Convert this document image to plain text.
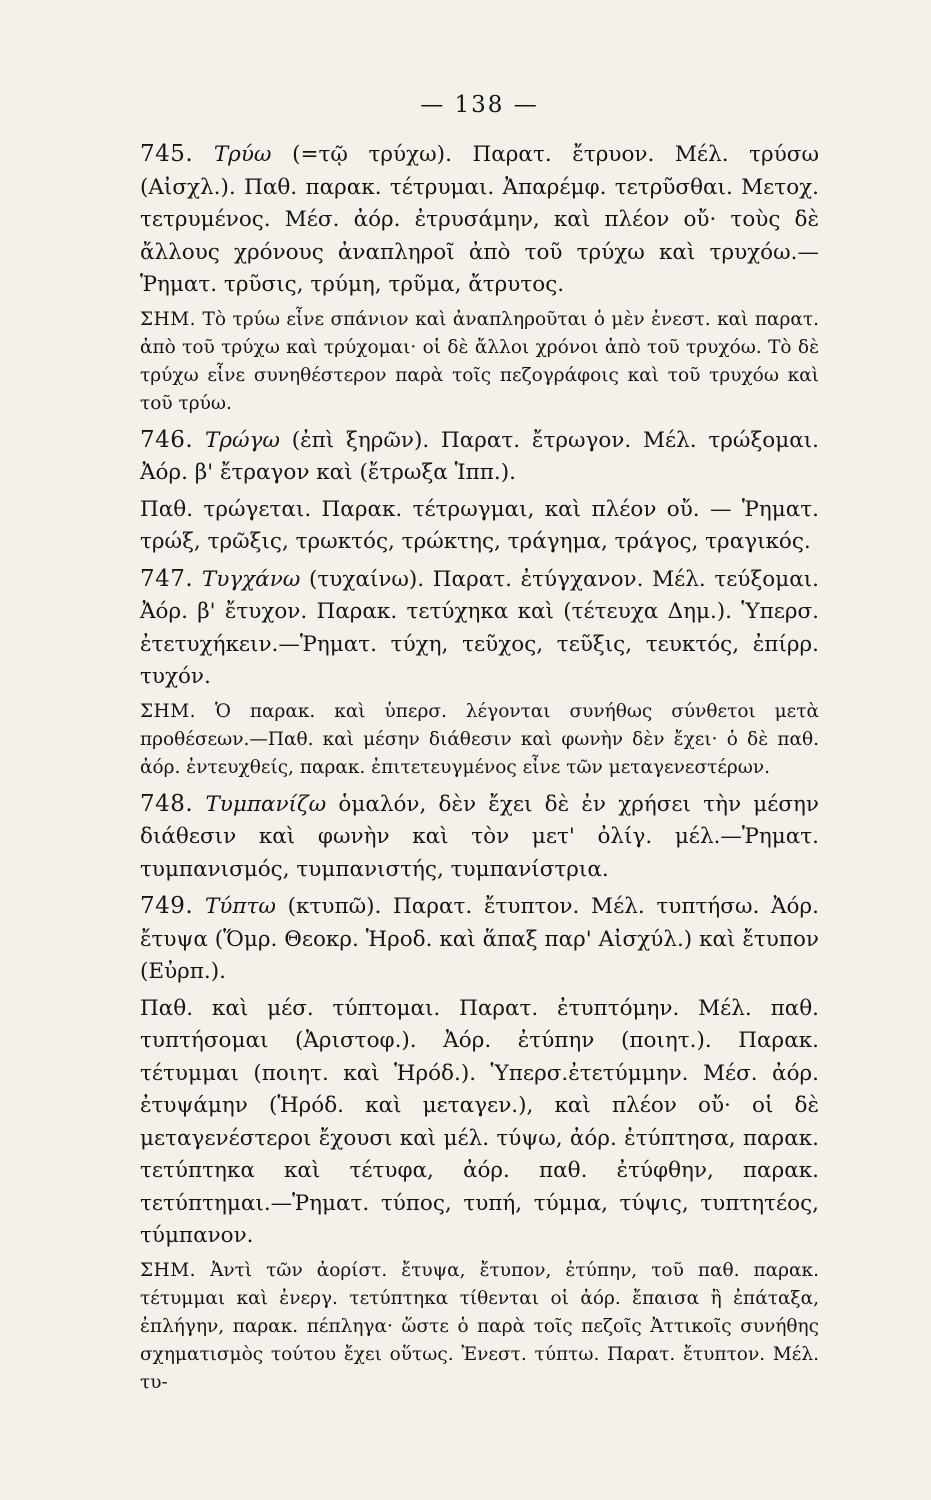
— 138 —

745. Τρύω (=τῷ τρύχω). Παρατ. ἔτρυον. Μέλ. τρύσω (Αἰσχλ.). Παθ. παρακ. τέτρυμαι. Ἀπαρέμφ. τετρῦσθαι. Μετοχ. τετρυμένος. Μέσ. ἀόρ. ἐτρυσάμην, καὶ πλέον οὔ· τοὺς δὲ ἄλλους χρόνους ἀναπληροῖ ἀπὸ τοῦ τρύχω καὶ τρυχόω.—Ῥηματ. τρῦσις, τρύμη, τρῦμα, ἄτρυτος.

ΣΗΜ. Τὸ τρύω εἶνε σπάνιον καὶ ἀναπληροῦται ὁ μὲν ἐνεστ. καὶ παρατ. ἀπὸ τοῦ τρύχω καὶ τρύχομαι· οἱ δὲ ἄλλοι χρόνοι ἀπὸ τοῦ τρυχόω. Τὸ δὲ τρύχω εἶνε συνηθέστερον παρὰ τοῖς πεζογράφοις καὶ τοῦ τρυχόω καὶ τοῦ τρύω.

746. Τρώγω (ἐπὶ ξηρῶν). Παρατ. ἔτρωγον. Μέλ. τρώξομαι. Ἀόρ. β' ἔτραγον καὶ (ἔτρωξα Ἱππ.).

Παθ. τρώγεται. Παρακ. τέτρωγμαι, καὶ πλέον οὔ. — Ῥηματ. τρώξ, τρῶξις, τρωκτός, τρώκτης, τράγημα, τράγος, τραγικός.

747. Τυγχάνω (τυχαίνω). Παρατ. ἐτύγχανον. Μέλ. τεύξομαι. Ἀόρ. β' ἔτυχον. Παρακ. τετύχηκα καὶ (τέτευχα Δημ.). Ὑπερσ. ἐτετυχήκειν.—Ῥηματ. τύχη, τεῦχος, τεῦξις, τευκτός, ἐπίρρ. τυχόν.

ΣΗΜ. Ὁ παρακ. καὶ ὑπερσ. λέγονται συνήθως σύνθετοι μετὰ προθέσεων.—Παθ. καὶ μέσην διάθεσιν καὶ φωνὴν δὲν ἔχει· ὁ δὲ παθ. ἀόρ. ἐντευχθείς, παρακ. ἐπιτετευγμένος εἶνε τῶν μεταγενεστέρων.

748. Τυμπανίζω ὁμαλόν, δὲν ἔχει δὲ ἐν χρήσει τὴν μέσην διάθεσιν καὶ φωνὴν καὶ τὸν μετ' ὀλίγ. μέλ.—Ῥηματ. τυμπανισμός, τυμπανιστής, τυμπανίστρια.

749. Τύπτω (κτυπῶ). Παρατ. ἔτυπτον. Μέλ. τυπτήσω. Ἀόρ. ἔτυψα (Ὅμρ. Θεοκρ. Ἡροδ. καὶ ἅπαξ παρ' Αἰσχύλ.) καὶ ἔτυπον (Εὐρπ.).

Παθ. καὶ μέσ. τύπτομαι. Παρατ. ἐτυπτόμην. Μέλ. παθ. τυπτήσομαι (Ἀριστοφ.). Ἀόρ. ἐτύπην (ποιητ.). Παρακ. τέτυμμαι (ποιητ. καὶ Ἡρόδ.). Ὑπερσ.ἐτετύμμην. Μέσ. ἀόρ. ἐτυψάμην (Ἡρόδ. καὶ μεταγεν.), καὶ πλέον οὔ· οἱ δὲ μεταγενέστεροι ἔχουσι καὶ μέλ. τύψω, ἀόρ. ἐτύπτησα, παρακ. τετύπτηκα καὶ τέτυφα, ἀόρ. παθ. ἐτύφθην, παρακ. τετύπτημαι.—Ῥηματ. τύπος, τυπή, τύμμα, τύψις, τυπτητέος, τύμπανον.

ΣΗΜ. Ἀντὶ τῶν ἀορίστ. ἔτυψα, ἔτυπον, ἐτύπην, τοῦ παθ. παρακ. τέτυμμαι καὶ ἐνεργ. τετύπτηκα τίθενται οἱ ἀόρ. ἔπαισα ἢ ἐπάταξα, ἐπλήγην, παρακ. πέπληγα· ὥστε ὁ παρὰ τοῖς πεζοῖς Ἀττικοῖς συνήθης σχηματισμὸς τούτου ἔχει οὕτως. Ἐνεστ. τύπτω. Παρατ. ἔτυπτον. Μέλ. τυ-
